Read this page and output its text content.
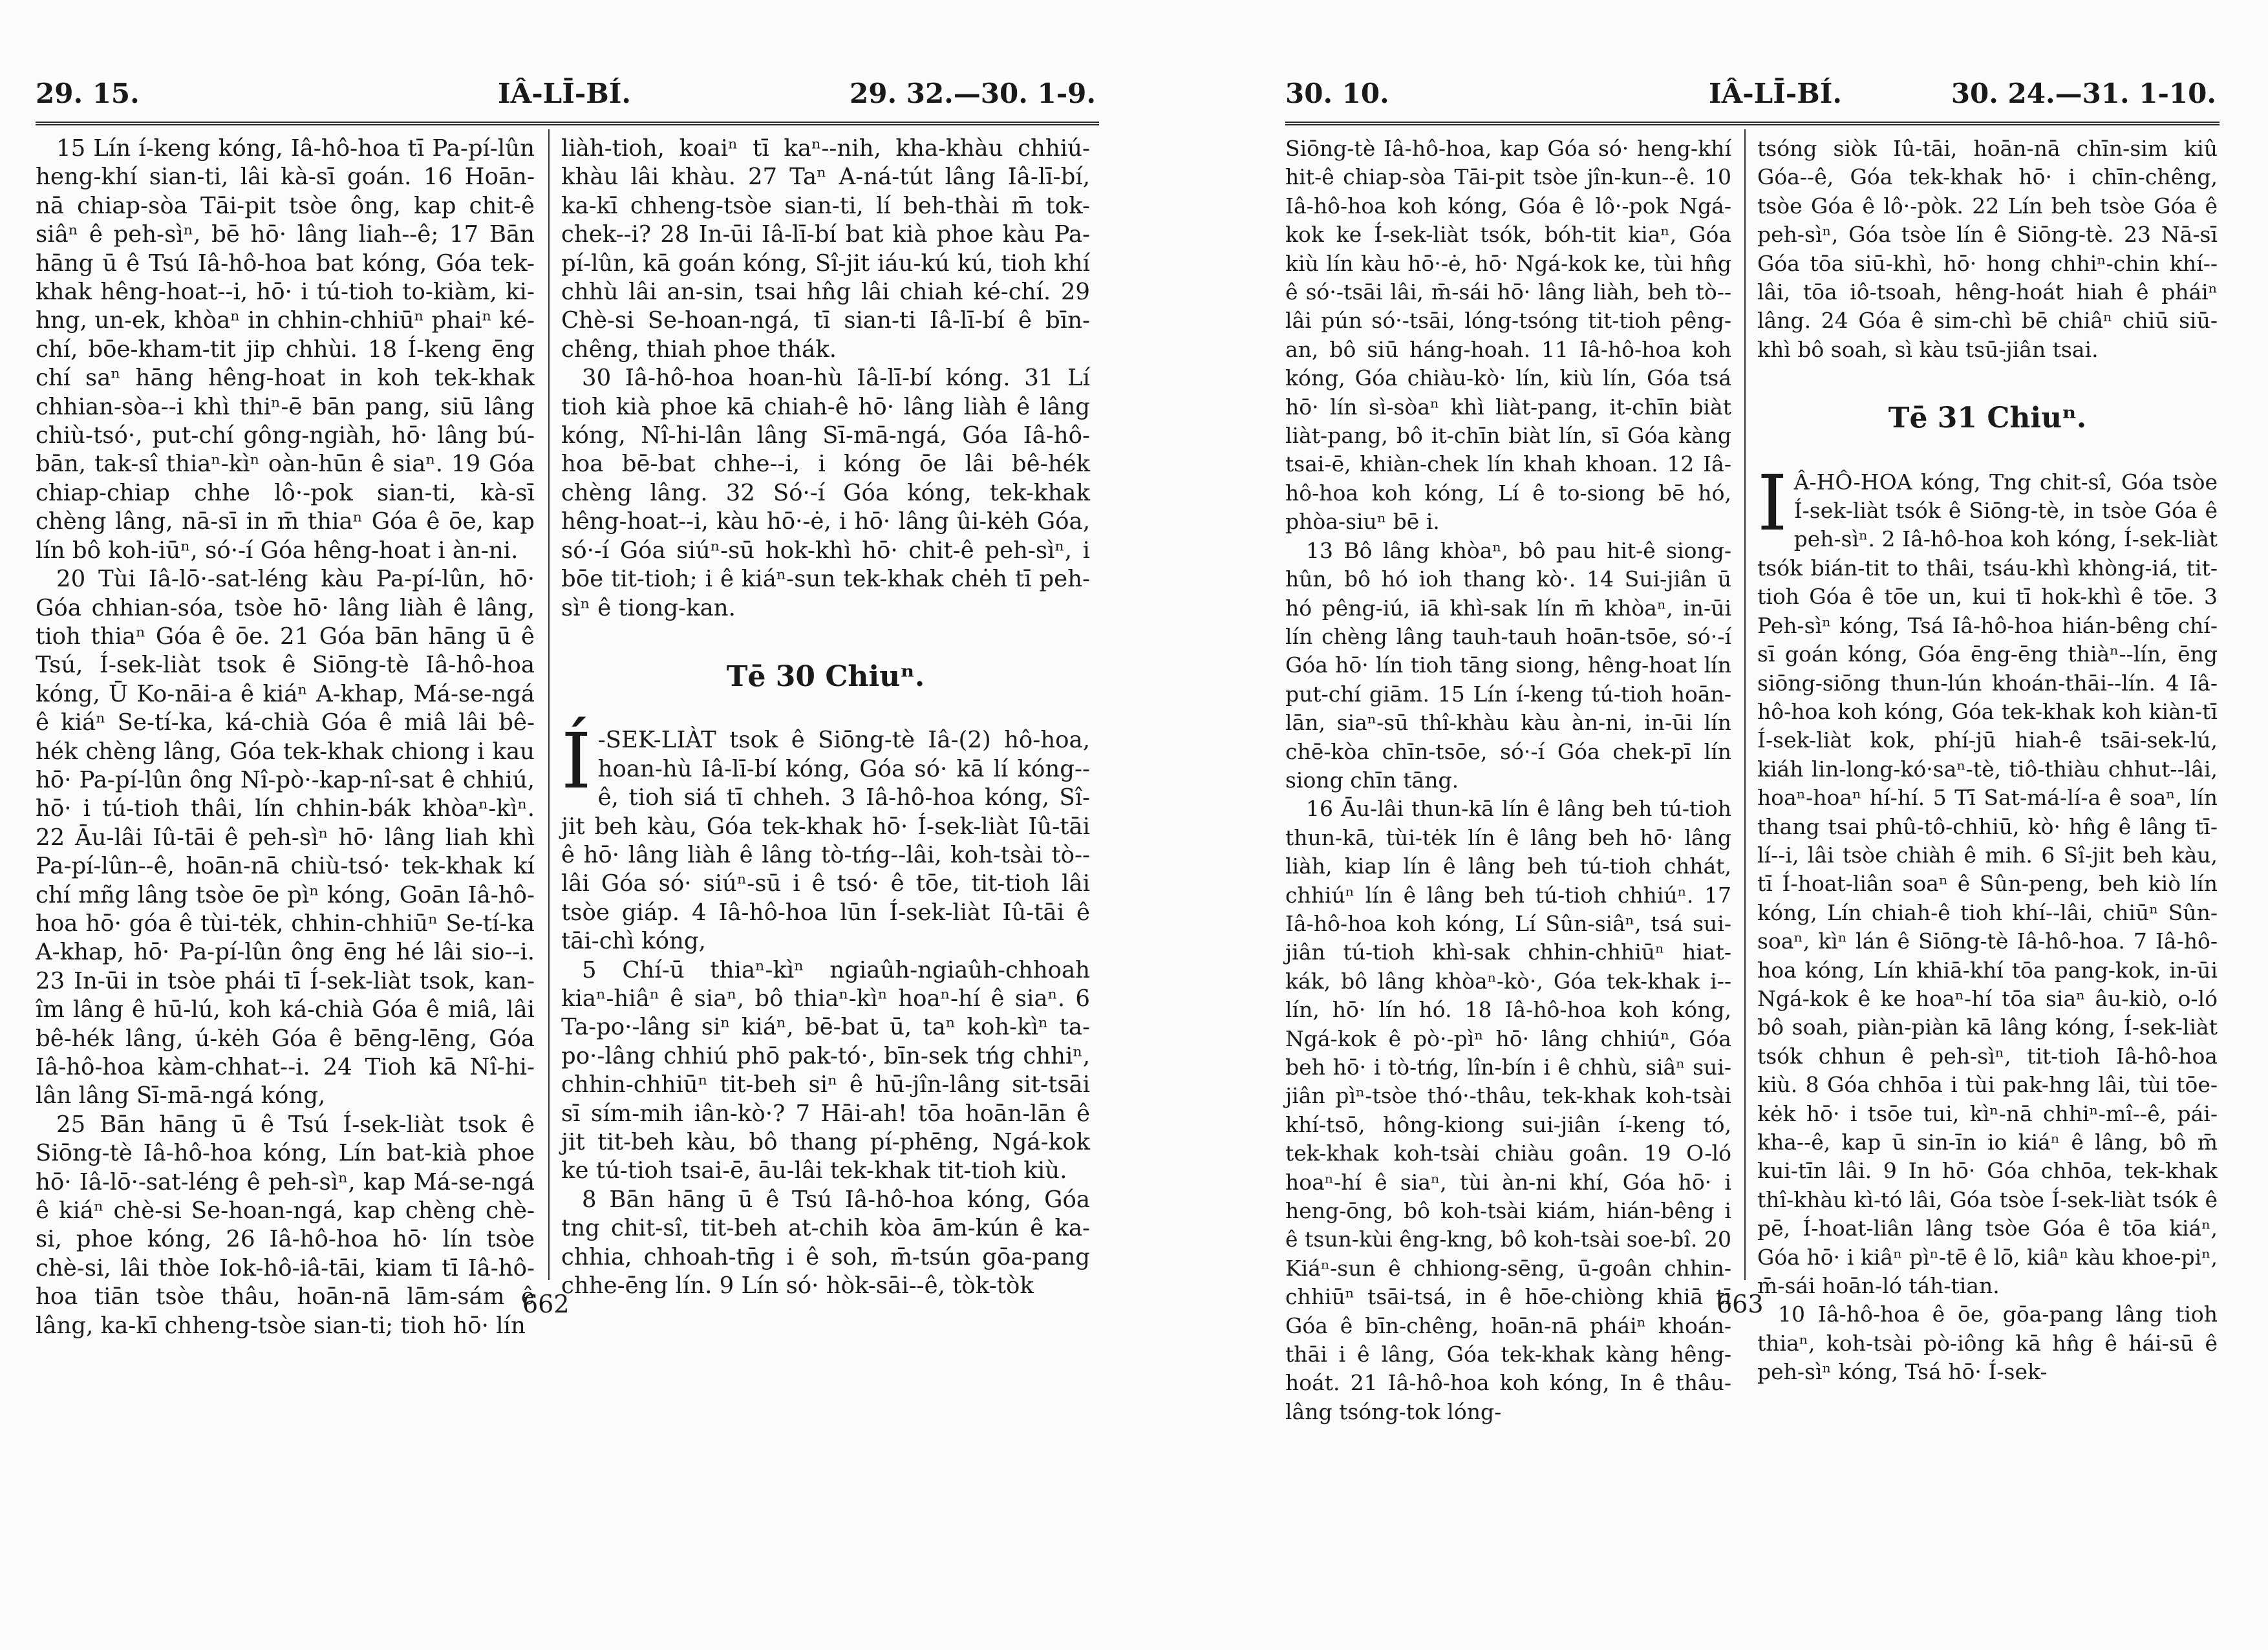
29. 15.	IÂ-LĪ-BÍ.	29. 32.—30. 1-9.

15 Lín í-keng kóng, Iâ-hô-hoa tī Pa-pí-lûn heng-khí sian-ti, lâi kà-sī goán. 16 Hoān-nā chiap-sòa Tāi-pit tsòe ông, kap chit-ê siâⁿ ê peh-sìⁿ, bē hō· lâng liah--ê; 17 Bān hāng ū ê Tsú Iâ-hô-hoa bat kóng, Góa tek-khak hêng-hoat--i, hō· i tú-tioh to-kiàm, ki-hng, un-ek, khòaⁿ in chhin-chhiūⁿ phaiⁿ ké-chí, bōe-kham-tit jip chhùi. 18 Í-keng ēng chí saⁿ hāng hêng-hoat in koh tek-khak chhian-sòa--i khì thiⁿ-ē bān pang, siū lâng chiù-tsó·, put-chí gông-ngiàh, hō· lâng bú-bān, tak-sî thiaⁿ-kìⁿ oàn-hūn ê siaⁿ. 19 Góa chiap-chiap chhe lô·-pok sian-ti, kà-sī chèng lâng, nā-sī in m̄ thiaⁿ Góa ê ōe, kap lín bô koh-iūⁿ, só·-í Góa hêng-hoat i àn-ni.

20 Tùi Iâ-lō·-sat-léng kàu Pa-pí-lûn, hō· Góa chhian-sóa, tsòe hō· lâng liàh ê lâng, tioh thiaⁿ Góa ê ōe. 21 Góa bān hāng ū ê Tsú, Í-sek-liàt tsok ê Siōng-tè Iâ-hô-hoa kóng, Ū Ko-nāi-a ê kiáⁿ A-khap, Má-se-ngá ê kiáⁿ Se-tí-ka, ká-chià Góa ê miâ lâi bê-hék chèng lâng, Góa tek-khak chiong i kau hō· Pa-pí-lûn ông Nî-pò·-kap-nî-sat ê chhiú, hō· i tú-tioh thâi, lín chhin-bák khòaⁿ-kìⁿ. 22 Āu-lâi Iû-tāi ê peh-sìⁿ hō· lâng liah khì Pa-pí-lûn--ê, hoān-nā chiù-tsó· tek-khak kí chí mñg lâng tsòe ōe pìⁿ kóng, Goān Iâ-hô-hoa hō· góa ê tùi-tėk, chhin-chhiūⁿ Se-tí-ka A-khap, hō· Pa-pí-lûn ông ēng hé lâi sio--i. 23 In-ūi in tsòe phái tī Í-sek-liàt tsok, kan-îm lâng ê hū-lú, koh ká-chià Góa ê miâ, lâi bê-hék lâng, ú-kėh Góa ê bēng-lēng, Góa Iâ-hô-hoa kàm-chhat--i. 24 Tioh kā Nî-hi-lân lâng Sī-mā-ngá kóng,

25 Bān hāng ū ê Tsú Í-sek-liàt tsok ê Siōng-tè Iâ-hô-hoa kóng, Lín bat-kià phoe hō· Iâ-lō·-sat-léng ê peh-sìⁿ, kap Má-se-ngá ê kiáⁿ chè-si Se-hoan-ngá, kap chèng chè-si, phoe kóng, 26 Iâ-hô-hoa hō· lín tsòe chè-si, lâi thòe Iok-hô-iâ-tāi, kiam tī Iâ-hô-hoa tiān tsòe thâu, hoān-nā lām-sám ê lâng, ka-kī chheng-tsòe sian-ti; tioh hō· lín

liàh-tioh, koaiⁿ tī kaⁿ--nih, kha-khàu chhiú-khàu lâi khàu. 27 Taⁿ A-ná-tút lâng Iâ-lī-bí, ka-kī chheng-tsòe sian-ti, lí beh-thài m̄ tok-chek--i? 28 In-ūi Iâ-lī-bí bat kià phoe kàu Pa-pí-lûn, kā goán kóng, Sî-jit iáu-kú kú, tioh khí chhù lâi an-sin, tsai hn̂g lâi chiah ké-chí. 29 Chè-si Se-hoan-ngá, tī sian-ti Iâ-lī-bí ê bīn-chêng, thiah phoe thák.

30 Iâ-hô-hoa hoan-hù Iâ-lī-bí kóng. 31 Lí tioh kià phoe kā chiah-ê hō· lâng liàh ê lâng kóng, Nî-hi-lân lâng Sī-mā-ngá, Góa Iâ-hô-hoa bē-bat chhe--i, i kóng ōe lâi bê-hék chèng lâng. 32 Só·-í Góa kóng, tek-khak hêng-hoat--i, kàu hō·-ė, i hō· lâng ûi-kėh Góa, só·-í Góa siúⁿ-sū hok-khì hō· chit-ê peh-sìⁿ, i bōe tit-tioh; i ê kiáⁿ-sun tek-khak chėh tī peh-sìⁿ ê tiong-kan.

Tē 30 Chiuⁿ.

Í -SEK-LIÀT tsok ê Siōng-tè Iâ-(2) hô-hoa, hoan-hù Iâ-lī-bí kóng, Góa só· kā lí kóng--ê, tioh siá tī chheh. 3 Iâ-hô-hoa kóng, Sî-jit beh kàu, Góa tek-khak hō· Í-sek-liàt Iû-tāi ê hō· lâng liàh ê lâng tò-tńg--lâi, koh-tsài tò--lâi Góa só· siúⁿ-sū i ê tsó· ê tōe, tit-tioh lâi tsòe giáp. 4 Iâ-hô-hoa lūn Í-sek-liàt Iû-tāi ê tāi-chì kóng,

5 Chí-ū thiaⁿ-kìⁿ ngiaûh-ngiaûh-chhoah kiaⁿ-hiâⁿ ê siaⁿ, bô thiaⁿ-kìⁿ hoaⁿ-hí ê siaⁿ. 6 Ta-po·-lâng siⁿ kiáⁿ, bē-bat ū, taⁿ koh-kìⁿ ta-po·-lâng chhiú phō pak-tó·, bīn-sek tńg chhiⁿ, chhin-chhiūⁿ tit-beh siⁿ ê hū-jîn-lâng sit-tsāi sī sím-mih iân-kò·? 7 Hāi-ah! tōa hoān-lān ê jit tit-beh kàu, bô thang pí-phēng, Ngá-kok ke tú-tioh tsai-ē, āu-lâi tek-khak tit-tioh kiù.

8 Bān hāng ū ê Tsú Iâ-hô-hoa kóng, Góa tng chit-sî, tit-beh at-chih kòa ām-kún ê ka-chhia, chhoah-tn̄g i ê soh, m̄-tsún gōa-pang chhe-ēng lín. 9 Lín só· hòk-sāi--ê, tòk-tòk

662
30. 10.	IÂ-LĪ-BÍ.	30. 24.—31. 1-10.

Siōng-tè Iâ-hô-hoa, kap Góa só· heng-khí hit-ê chiap-sòa Tāi-pit tsòe jîn-kun--ê. 10 Iâ-hô-hoa koh kóng, Góa ê lô·-pok Ngá-kok ke Í-sek-liàt tsók, bóh-tit kiaⁿ, Góa kiù lín kàu hō·-ė, hō· Ngá-kok ke, tùi hn̂g ê só·-tsāi lâi, m̄-sái hō· lâng liàh, beh tò--lâi pún só·-tsāi, lóng-tsóng tit-tioh pêng-an, bô siū háng-hoah. 11 Iâ-hô-hoa koh kóng, Góa chiàu-kò· lín, kiù lín, Góa tsá hō· lín sì-sòaⁿ khì liàt-pang, it-chīn biàt liàt-pang, bô it-chīn biàt lín, sī Góa kàng tsai-ē, khiàn-chek lín khah khoan. 12 Iâ-hô-hoa koh kóng, Lí ê to-siong bē hó, phòa-siuⁿ bē i.

13 Bô lâng khòaⁿ, bô pau hit-ê siong-hûn, bô hó ioh thang kò·. 14 Sui-jiân ū hó pêng-iú, iā khì-sak lín m̄ khòaⁿ, in-ūi lín chèng lâng tauh-tauh hoān-tsōe, só·-í Góa hō· lín tioh tāng siong, hêng-hoat lín put-chí giām. 15 Lín í-keng tú-tioh hoān-lān, siaⁿ-sū thî-khàu kàu àn-ni, in-ūi lín chē-kòa chīn-tsōe, só·-í Góa chek-pī lín siong chīn tāng.

16 Āu-lâi thun-kā lín ê lâng beh tú-tioh thun-kā, tùi-tėk lín ê lâng beh hō· lâng liàh, kiap lín ê lâng beh tú-tioh chhát, chhiúⁿ lín ê lâng beh tú-tioh chhiúⁿ. 17 Iâ-hô-hoa koh kóng, Lí Sûn-siâⁿ, tsá sui-jiân tú-tioh khì-sak chhin-chhiūⁿ hiat-kák, bô lâng khòaⁿ-kò·, Góa tek-khak i--lín, hō· lín hó. 18 Iâ-hô-hoa koh kóng, Ngá-kok ê pò·-pìⁿ hō· lâng chhiúⁿ, Góa beh hō· i tò-tńg, lîn-bín i ê chhù, siâⁿ sui-jiân pìⁿ-tsòe thó·-thâu, tek-khak koh-tsài khí-tsō, hông-kiong sui-jiân í-keng tó, tek-khak koh-tsài chiàu goân. 19 O-ló hoaⁿ-hí ê siaⁿ, tùi àn-ni khí, Góa hō· i heng-ōng, bô koh-tsài kiám, hián-bêng i ê tsun-kùi êng-kng, bô koh-tsài soe-bî. 20 Kiáⁿ-sun ê chhiong-sēng, ū-goân chhin-chhiūⁿ tsāi-tsá, in ê hōe-chiòng khiā tī Góa ê bīn-chêng, hoān-nā pháiⁿ khoán-thāi i ê lâng, Góa tek-khak kàng hêng-hoát. 21 Iâ-hô-hoa koh kóng, In ê thâu-lâng tsóng-tok lóng-

tsóng siòk Iû-tāi, hoān-nā chīn-sim kiû Góa--ê, Góa tek-khak hō· i chīn-chêng, tsòe Góa ê lô·-pòk. 22 Lín beh tsòe Góa ê peh-sìⁿ, Góa tsòe lín ê Siōng-tè. 23 Nā-sī Góa tōa siū-khì, hō· hong chhiⁿ-chin khí--lâi, tōa iô-tsoah, hêng-hoát hiah ê pháiⁿ lâng. 24 Góa ê sim-chì bē chiâⁿ chiū siū-khì bô soah, sì kàu tsū-jiân tsai.

Tē 31 Chiuⁿ.

I Â-HÔ-HOA kóng, Tng chit-sî, Góa tsòe Í-sek-liàt tsók ê Siōng-tè, in tsòe Góa ê peh-sìⁿ. 2 Iâ-hô-hoa koh kóng, Í-sek-liàt tsók bián-tit to thâi, tsáu-khì khòng-iá, tit-tioh Góa ê tōe un, kui tī hok-khì ê tōe. 3 Peh-sìⁿ kóng, Tsá Iâ-hô-hoa hián-bêng chí-sī goán kóng, Góa ēng-ēng thiàⁿ--lín, ēng siōng-siōng thun-lún khoán-thāi--lín. 4 Iâ-hô-hoa koh kóng, Góa tek-khak koh kiàn-tī Í-sek-liàt kok, phí-jū hiah-ê tsāi-sek-lú, kiáh lin-long-kó·saⁿ-tè, tiô-thiàu chhut--lâi, hoaⁿ-hoaⁿ hí-hí. 5 Tī Sat-má-lí-a ê soaⁿ, lín thang tsai phû-tô-chhiū, kò· hn̂g ê lâng tī-lí--i, lâi tsòe chiàh ê mih. 6 Sî-jit beh kàu, tī Í-hoat-liân soaⁿ ê Sûn-peng, beh kiò lín kóng, Lín chiah-ê tioh khí--lâi, chiūⁿ Sûn-soaⁿ, kìⁿ lán ê Siōng-tè Iâ-hô-hoa. 7 Iâ-hô-hoa kóng, Lín khiā-khí tōa pang-kok, in-ūi Ngá-kok ê ke hoaⁿ-hí tōa siaⁿ âu-kiò, o-ló bô soah, piàn-piàn kā lâng kóng, Í-sek-liàt tsók chhun ê peh-sìⁿ, tit-tioh Iâ-hô-hoa kiù. 8 Góa chhōa i tùi pak-hng lâi, tùi tōe-kėk hō· i tsōe tui, kìⁿ-nā chhiⁿ-mî--ê, pái-kha--ê, kap ū sin-īn io kiáⁿ ê lâng, bô m̄ kui-tīn lâi. 9 In hō· Góa chhōa, tek-khak thî-khàu kì-tó lâi, Góa tsòe Í-sek-liàt tsók ê pē, Í-hoat-liân lâng tsòe Góa ê tōa kiáⁿ, Góa hō· i kiâⁿ pìⁿ-tē ê lō, kiâⁿ kàu khoe-piⁿ, m̄-sái hoān-ló táh-tian.

10 Iâ-hô-hoa ê ōe, gōa-pang lâng tioh thiaⁿ, koh-tsài pò-iông kā hn̂g ê hái-sū ê peh-sìⁿ kóng, Tsá hō· Í-sek-

663
